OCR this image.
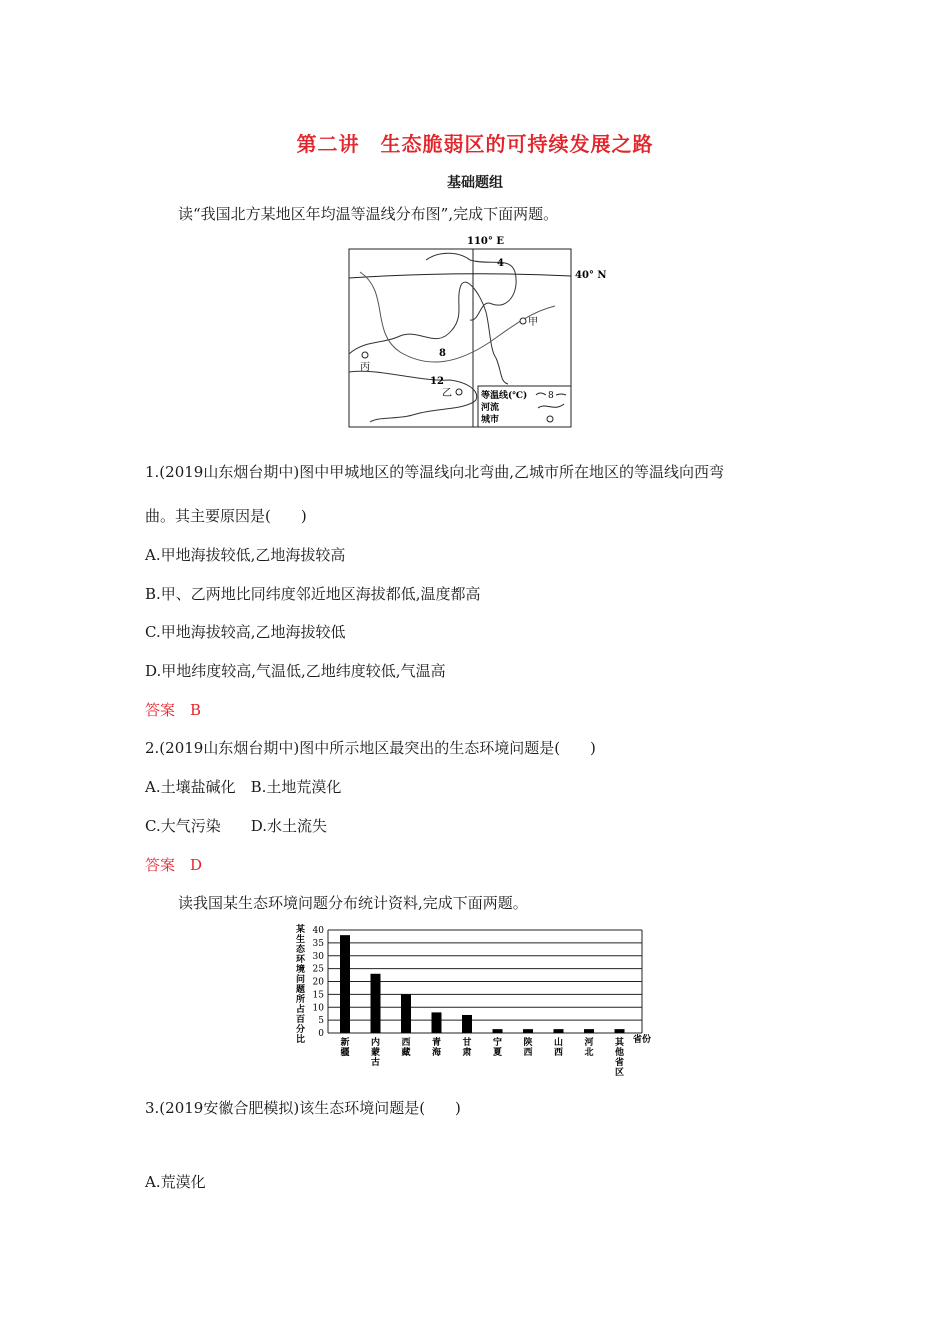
第二讲　生态脆弱区的可持续发展之路
基础题组
读“我国北方某地区年均温等温线分布图”,完成下面两题。
110° E
40° N
4
8
12
甲
乙
丙
等温线(℃) 8
河流
城市
1.(2019山东烟台期中)图中甲城地区的等温线向北弯曲,乙城市所在地区的等温线向西弯
曲。其主要原因是(　　)
A.甲地海拔较低,乙地海拔较高
B.甲、乙两地比同纬度邻近地区海拔都低,温度都高
C.甲地海拔较高,乙地海拔较低
D.甲地纬度较高,气温低,乙地纬度较低,气温高
答案　B
2.(2019山东烟台期中)图中所示地区最突出的生态环境问题是(　　)
A.土壤盐碱化　B.土地荒漠化
C.大气污染　　D.水土流失
答案　D
读我国某生态环境问题分布统计资料,完成下面两题。
某
生
态
环
境
问
题
所
占
百
分
比
0
5
10
15
20
25
30
35
40
新疆
内蒙古
西藏
青海
甘肃
宁夏
陕西
山西
河北
其他省区
省份
3.(2019安徽合肥模拟)该生态环境问题是(　　)
A.荒漠化
